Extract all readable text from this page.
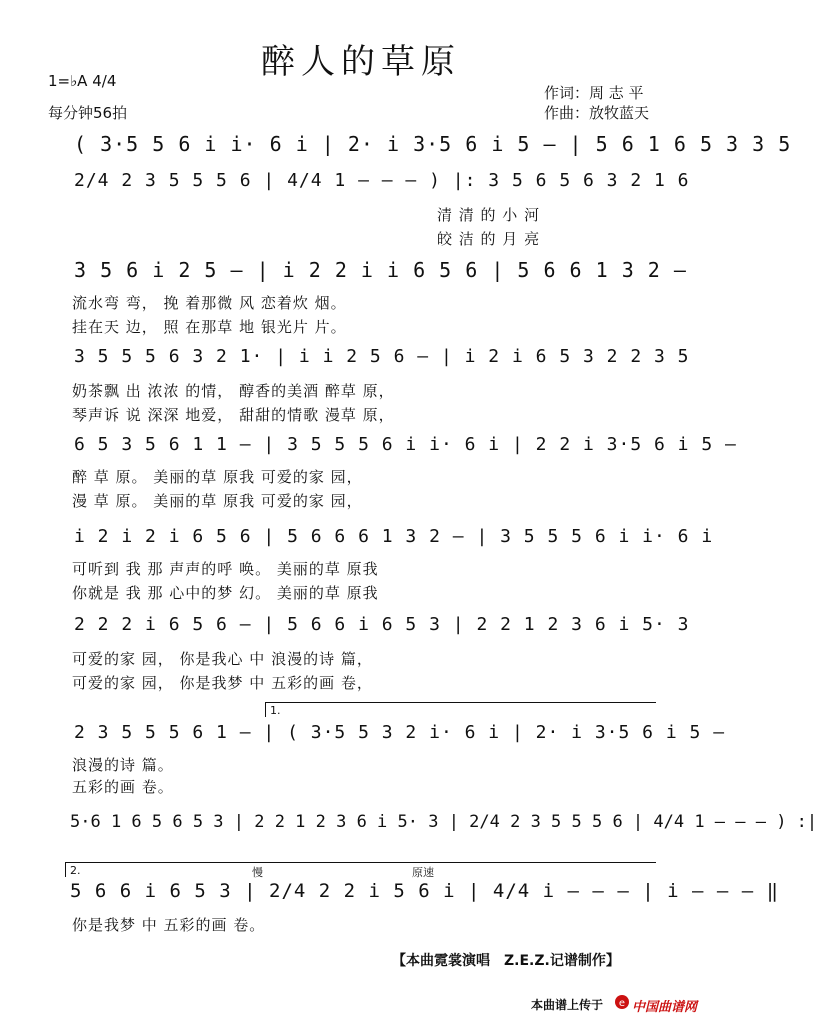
醉人的草原
1=♭A 4/4
每分钟56拍
作词：周 志 平
作曲：放牧蓝天
( 3·5 5 6 i i· 6 i | 2· i 3·5 6 i 5 — | 5 6 1 6 5 3 3 5
2/4 2 3 5 5 5 6 | 4/4 1 — — — ) |: 3 5 6 5 6 3 2 1 6
清 清 的 小 河
皎 洁 的 月 亮
3 5 6 i 2 5 — | i 2 2 i i 6 5 6 | 5 6 6 1 3 2 —
流水弯 弯， 挽 着那微 风 恋着炊 烟。
挂在天 边， 照 在那草 地 银光片 片。
3 5 5 5 6 3 2 1· | i i 2 5 6 — | i 2 i 6 5 3 2 2 3 5
奶茶飘 出 浓浓 的情， 醇香的美酒 醉草 原，
琴声诉 说 深深 地爱， 甜甜的情歌 漫草 原，
6 5 3 5 6 1 1 — | 3 5 5 5 6 i i· 6 i | 2 2 i 3·5 6 i 5 —
醉 草 原。 美丽的草 原我 可爱的家 园，
漫 草 原。 美丽的草 原我 可爱的家 园，
i 2 i 2 i 6 5 6 | 5 6 6 6 1 3 2 — | 3 5 5 5 6 i i· 6 i
可听到 我 那 声声的呼 唤。 美丽的草 原我
你就是 我 那 心中的梦 幻。 美丽的草 原我
2 2 2 i 6 5 6 — | 5 6 6 i 6 5 3 | 2 2 1 2 3 6 i 5· 3
可爱的家 园， 你是我心 中 浪漫的诗 篇，
可爱的家 园， 你是我梦 中 五彩的画 卷，
1.
2 3 5 5 5 6 1 — | ( 3·5 5 3 2 i· 6 i | 2· i 3·5 6 i 5 —
浪漫的诗 篇。
五彩的画 卷。
5·6 1 6 5 6 5 3 | 2 2 1 2 3 6 i 5· 3 | 2/4 2 3 5 5 5 6 | 4/4 1 — — — ) :|
2.	慢	原速
5 6 6 i 6 5 3 | 2/4 2 2 i 5 6 i | 4/4 i — — — | i — — — ‖
你是我梦 中 五彩的画 卷。
【本曲霓裳演唱　Z.E.Z.记谱制作】
本曲谱上传于 e 中国曲谱网
